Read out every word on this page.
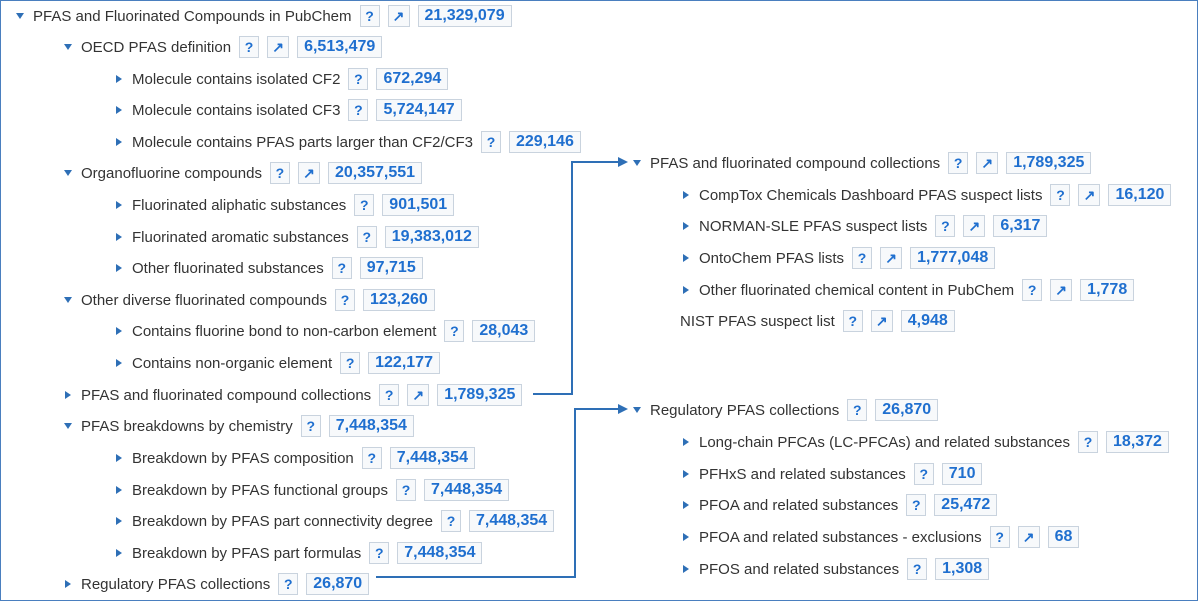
PFAS and Fluorinated Compounds in PubChem ?	↗	21,329,079
OECD PFAS definition ?	↗	6,513,479
Molecule contains isolated CF2 ?	672,294
Molecule contains isolated CF3 ?	5,724,147
Molecule contains PFAS parts larger than CF2/CF3 ?	229,146
Organofluorine compounds ?	↗	20,357,551
Fluorinated aliphatic substances ?	901,501
Fluorinated aromatic substances ?	19,383,012
Other fluorinated substances ?	97,715
Other diverse fluorinated compounds ?	123,260
Contains fluorine bond to non-carbon element ?	28,043
Contains non-organic element ?	122,177
PFAS and fluorinated compound collections ?	↗	1,789,325
PFAS breakdowns by chemistry ?	7,448,354
Breakdown by PFAS composition ?	7,448,354
Breakdown by PFAS functional groups ?	7,448,354
Breakdown by PFAS part connectivity degree ?	7,448,354
Breakdown by PFAS part formulas ?	7,448,354
Regulatory PFAS collections ?	26,870
PFAS and fluorinated compound collections ?	↗	1,789,325
CompTox Chemicals Dashboard PFAS suspect lists ?	↗	16,120
NORMAN-SLE PFAS suspect lists ?	↗	6,317
OntoChem PFAS lists ?	↗	1,777,048
Other fluorinated chemical content in PubChem ?	↗	1,778
NIST PFAS suspect list ?	↗	4,948
Regulatory PFAS collections ?	26,870
Long-chain PFCAs (LC-PFCAs) and related substances ?	18,372
PFHxS and related substances ?	710
PFOA and related substances ?	25,472
PFOA and related substances - exclusions ?	↗	68
PFOS and related substances ?	1,308
